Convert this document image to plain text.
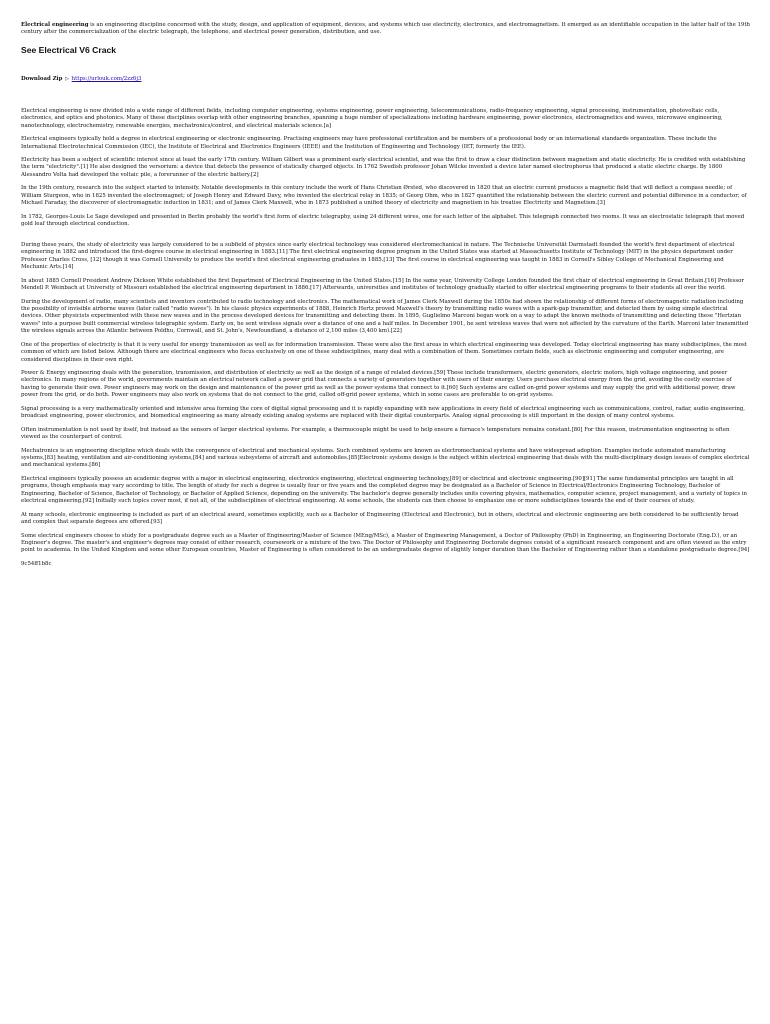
Electrical engineering is an engineering discipline concerned with the study, design, and application of equipment, devices, and systems which use electricity, electronics, and electromagnetism. It emerged as an identifiable occupation in the latter half of the 19th century after the commercialization of the electric telegraph, the telephone, and electrical power generation, distribution, and use.

See Electrical V6 Crack
Download Zip ▷ https://urlouk.com/2zz6j3

Electrical engineering is now divided into a wide range of different fields, including computer engineering, systems engineering, power engineering, telecommunications, radio-frequency engineering, signal processing, instrumentation, photovoltaic cells, electronics, and optics and photonics. Many of these disciplines overlap with other engineering branches, spanning a huge number of specializations including hardware engineering, power electronics, electromagnetics and waves, microwave engineering, nanotechnology, electrochemistry, renewable energies, mechatronics/control, and electrical materials science.[a]

Electrical engineers typically hold a degree in electrical engineering or electronic engineering. Practising engineers may have professional certification and be members of a professional body or an international standards organization. These include the International Electrotechnical Commission (IEC), the Institute of Electrical and Electronics Engineers (IEEE) and the Institution of Engineering and Technology (IET, formerly the IEE).

Electricity has been a subject of scientific interest since at least the early 17th century. William Gilbert was a prominent early electrical scientist, and was the first to draw a clear distinction between magnetism and static electricity. He is credited with establishing the term "electricity".[1] He also designed the versorium: a device that detects the presence of statically charged objects. In 1762 Swedish professor Johan Wilcke invented a device later named electrophorus that produced a static electric charge. By 1800 Alessandro Volta had developed the voltaic pile, a forerunner of the electric battery.[2]

In the 19th century, research into the subject started to intensify. Notable developments in this century include the work of Hans Christian Ørsted, who discovered in 1820 that an electric current produces a magnetic field that will deflect a compass needle; of William Sturgeon, who in 1825 invented the electromagnet; of Joseph Henry and Edward Davy, who invented the electrical relay in 1835; of Georg Ohm, who in 1827 quantified the relationship between the electric current and potential difference in a conductor; of Michael Faraday, the discoverer of electromagnetic induction in 1831; and of James Clerk Maxwell, who in 1873 published a unified theory of electricity and magnetism in his treatise Electricity and Magnetism.[3]

In 1782, Georges-Louis Le Sage developed and presented in Berlin probably the world's first form of electric telegraphy, using 24 different wires, one for each letter of the alphabet. This telegraph connected two rooms. It was an electrostatic telegraph that moved gold leaf through electrical conduction.

During these years, the study of electricity was largely considered to be a subfield of physics since early electrical technology was considered electromechanical in nature. The Technische Universität Darmstadt founded the world's first department of electrical engineering in 1882 and introduced the first-degree course in electrical engineering in 1883.[11] The first electrical engineering degree program in the United States was started at Massachusetts Institute of Technology (MIT) in the physics department under Professor Charles Cross, [12] though it was Cornell University to produce the world's first electrical engineering graduates in 1885.[13] The first course in electrical engineering was taught in 1883 in Cornell's Sibley College of Mechanical Engineering and Mechanic Arts.[14]

In about 1885 Cornell President Andrew Dickson White established the first Department of Electrical Engineering in the United States.[15] In the same year, University College London founded the first chair of electrical engineering in Great Britain.[16] Professor Mendell P. Weinbach at University of Missouri established the electrical engineering department in 1886.[17] Afterwards, universities and institutes of technology gradually started to offer electrical engineering programs to their students all over the world.

During the development of radio, many scientists and inventors contributed to radio technology and electronics. The mathematical work of James Clerk Maxwell during the 1850s had shown the relationship of different forms of electromagnetic radiation including the possibility of invisible airborne waves (later called "radio waves"). In his classic physics experiments of 1888, Heinrich Hertz proved Maxwell's theory by transmitting radio waves with a spark-gap transmitter, and detected them by using simple electrical devices. Other physicists experimented with these new waves and in the process developed devices for transmitting and detecting them. In 1895, Guglielmo Marconi began work on a way to adapt the known methods of transmitting and detecting these "Hertzian waves" into a purpose built commercial wireless telegraphic system. Early on, he sent wireless signals over a distance of one and a half miles. In December 1901, he sent wireless waves that were not affected by the curvature of the Earth. Marconi later transmitted the wireless signals across the Atlantic between Poldhu, Cornwall, and St. John's, Newfoundland, a distance of 2,100 miles (3,400 km).[22]

One of the properties of electricity is that it is very useful for energy transmission as well as for information transmission. These were also the first areas in which electrical engineering was developed. Today electrical engineering has many subdisciplines, the most common of which are listed below. Although there are electrical engineers who focus exclusively on one of these subdisciplines, many deal with a combination of them. Sometimes certain fields, such as electronic engineering and computer engineering, are considered disciplines in their own right.

Power & Energy engineering deals with the generation, transmission, and distribution of electricity as well as the design of a range of related devices.[59] These include transformers, electric generators, electric motors, high voltage engineering, and power electronics. In many regions of the world, governments maintain an electrical network called a power grid that connects a variety of generators together with users of their energy. Users purchase electrical energy from the grid, avoiding the costly exercise of having to generate their own. Power engineers may work on the design and maintenance of the power grid as well as the power systems that connect to it.[60] Such systems are called on-grid power systems and may supply the grid with additional power, draw power from the grid, or do both. Power engineers may also work on systems that do not connect to the grid, called off-grid power systems, which in some cases are preferable to on-grid systems.

Signal processing is a very mathematically oriented and intensive area forming the core of digital signal processing and it is rapidly expanding with new applications in every field of electrical engineering such as communications, control, radar, audio engineering, broadcast engineering, power electronics, and biomedical engineering as many already existing analog systems are replaced with their digital counterparts. Analog signal processing is still important in the design of many control systems.

Often instrumentation is not used by itself, but instead as the sensors of larger electrical systems. For example, a thermocouple might be used to help ensure a furnace's temperature remains constant.[80] For this reason, instrumentation engineering is often viewed as the counterpart of control.

Mechatronics is an engineering discipline which deals with the convergence of electrical and mechanical systems. Such combined systems are known as electromechanical systems and have widespread adoption. Examples include automated manufacturing systems,[83] heating, ventilation and air-conditioning systems,[84] and various subsystems of aircraft and automobiles.[85]Electronic systems design is the subject within electrical engineering that deals with the multi-disciplinary design issues of complex electrical and mechanical systems.[86]

Electrical engineers typically possess an academic degree with a major in electrical engineering, electronics engineering, electrical engineering technology,[89] or electrical and electronic engineering.[90][91] The same fundamental principles are taught in all programs, though emphasis may vary according to title. The length of study for such a degree is usually four or five years and the completed degree may be designated as a Bachelor of Science in Electrical/Electronics Engineering Technology, Bachelor of Engineering, Bachelor of Science, Bachelor of Technology, or Bachelor of Applied Science, depending on the university. The bachelor's degree generally includes units covering physics, mathematics, computer science, project management, and a variety of topics in electrical engineering.[92] Initially such topics cover most, if not all, of the subdisciplines of electrical engineering. At some schools, the students can then choose to emphasize one or more subdisciplines towards the end of their courses of study.

At many schools, electronic engineering is included as part of an electrical award, sometimes explicitly, such as a Bachelor of Engineering (Electrical and Electronic), but in others, electrical and electronic engineering are both considered to be sufficiently broad and complex that separate degrees are offered.[93]

Some electrical engineers choose to study for a postgraduate degree such as a Master of Engineering/Master of Science (MEng/MSc), a Master of Engineering Management, a Doctor of Philosophy (PhD) in Engineering, an Engineering Doctorate (Eng.D.), or an Engineer's degree. The master's and engineer's degrees may consist of either research, coursework or a mixture of the two. The Doctor of Philosophy and Engineering Doctorate degrees consist of a significant research component and are often viewed as the entry point to academia. In the United Kingdom and some other European countries, Master of Engineering is often considered to be an undergraduate degree of slightly longer duration than the Bachelor of Engineering rather than a standalone postgraduate degree.[94]

9c54ff1b8c
